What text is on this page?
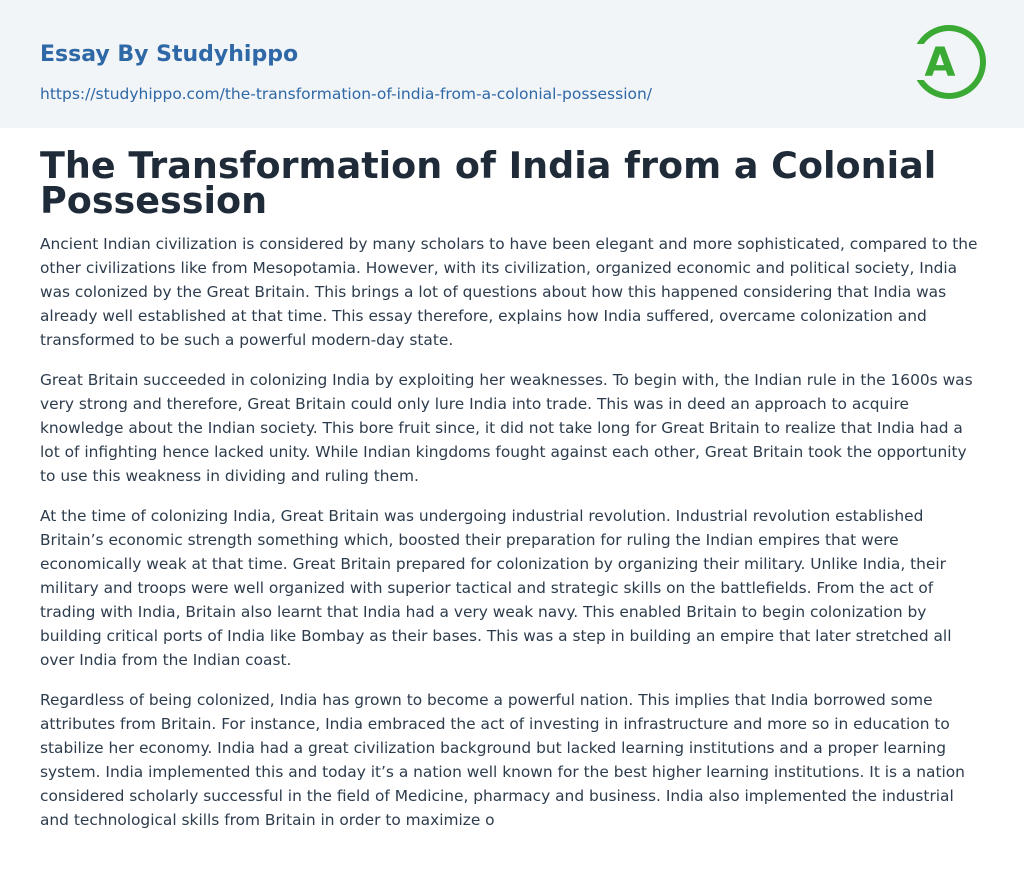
Essay By Studyhippo
https://studyhippo.com/the-transformation-of-india-from-a-colonial-possession/
A
The Transformation of India from a Colonial Possession

Ancient Indian civilization is considered by many scholars to have been elegant and more sophisticated, compared to the other civilizations like from Mesopotamia. However, with its civilization, organized economic and political society, India was colonized by the Great Britain. This brings a lot of questions about how this happened considering that India was already well established at that time. This essay therefore, explains how India suffered, overcame colonization and transformed to be such a powerful modern-day state.

Great Britain succeeded in colonizing India by exploiting her weaknesses. To begin with, the Indian rule in the 1600s was very strong and therefore, Great Britain could only lure India into trade. This was in deed an approach to acquire knowledge about the Indian society. This bore fruit since, it did not take long for Great Britain to realize that India had a lot of infighting hence lacked unity. While Indian kingdoms fought against each other, Great Britain took the opportunity to use this weakness in dividing and ruling them.

At the time of colonizing India, Great Britain was undergoing industrial revolution. Industrial revolution established Britain’s economic strength something which, boosted their preparation for ruling the Indian empires that were economically weak at that time. Great Britain prepared for colonization by organizing their military. Unlike India, their military and troops were well organized with superior tactical and strategic skills on the battlefields. From the act of trading with India, Britain also learnt that India had a very weak navy. This enabled Britain to begin colonization by building critical ports of India like Bombay as their bases. This was a step in building an empire that later stretched all over India from the Indian coast.

Regardless of being colonized, India has grown to become a powerful nation. This implies that India borrowed some attributes from Britain. For instance, India embraced the act of investing in infrastructure and more so in education to stabilize her economy. India had a great civilization background but lacked learning institutions and a proper learning system. India implemented this and today it’s a nation well known for the best higher learning institutions. It is a nation considered scholarly successful in the field of Medicine, pharmacy and business. India also implemented the industrial and technological skills from Britain in order to maximize o
